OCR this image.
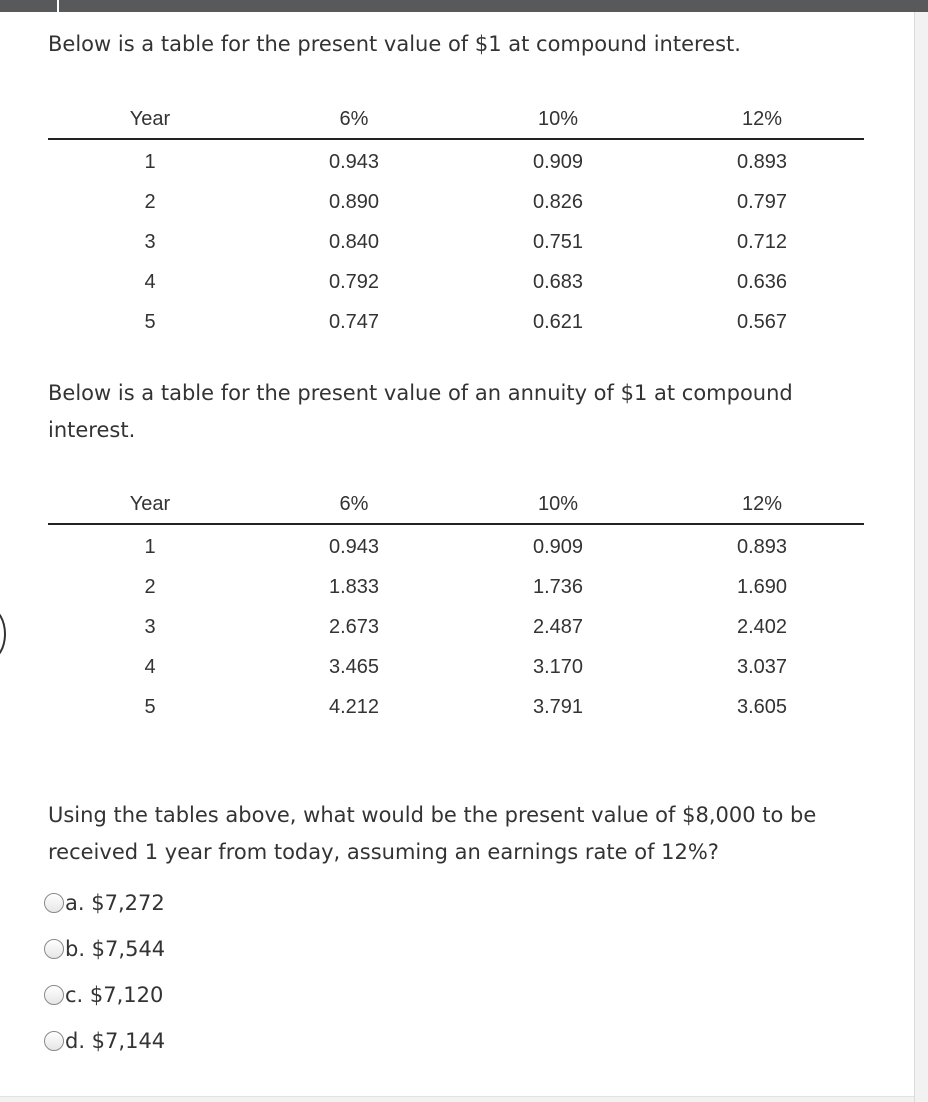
Below is a table for the present value of $1 at compound interest.

Year	6%	10%	12%
1	0.943	0.909	0.893
2	0.890	0.826	0.797
3	0.840	0.751	0.712
4	0.792	0.683	0.636
5	0.747	0.621	0.567

Below is a table for the present value of an annuity of $1 at compound interest.

Year	6%	10%	12%
1	0.943	0.909	0.893
2	1.833	1.736	1.690
3	2.673	2.487	2.402
4	3.465	3.170	3.037
5	4.212	3.791	3.605

Using the tables above, what would be the present value of $8,000 to be received 1 year from today, assuming an earnings rate of 12%?

a. $7,272
b. $7,544
c. $7,120
d. $7,144
